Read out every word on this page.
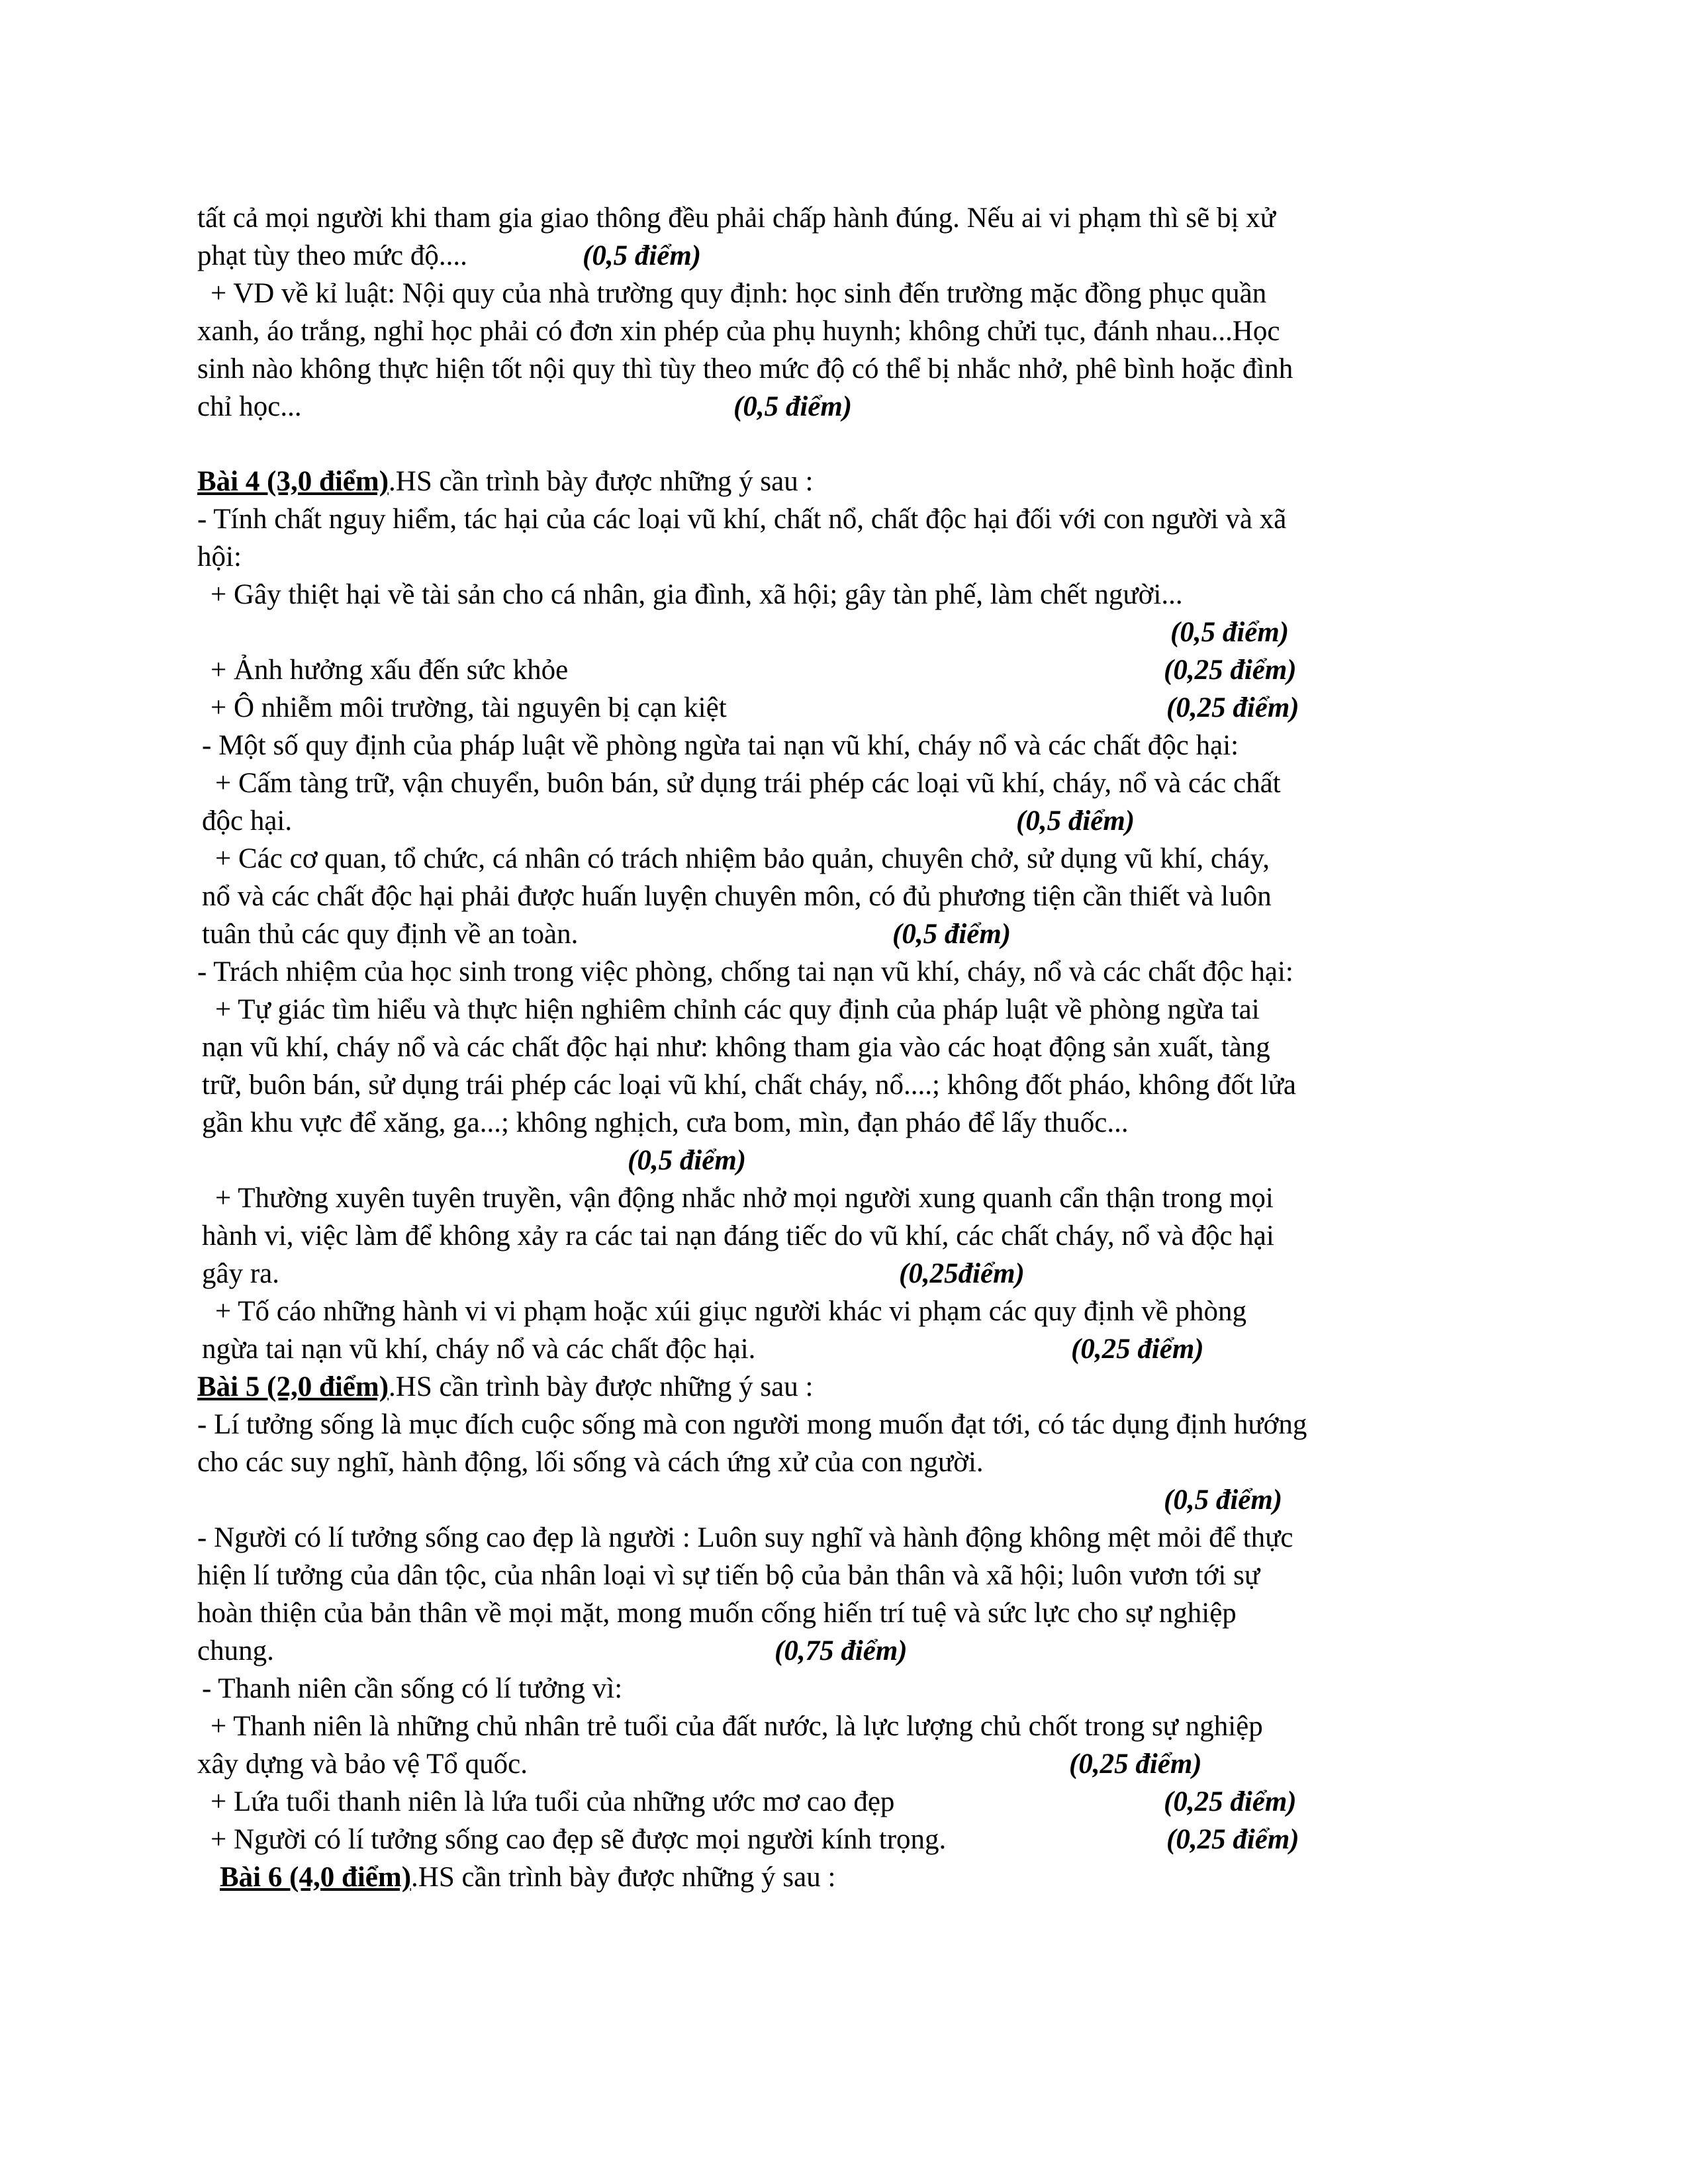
tất cả mọi người khi tham gia giao thông đều phải chấp hành đúng. Nếu ai vi phạm thì sẽ bị xử
phạt tùy theo mức độ....	(0,5 điểm)
+ VD về kỉ luật: Nội quy của nhà trường quy định: học sinh đến trường mặc đồng phục quần
xanh, áo trắng, nghỉ học phải có đơn xin phép của phụ huynh; không chửi tục, đánh nhau...Học
sinh nào không thực hiện tốt nội quy thì tùy theo mức độ có thể bị nhắc nhở, phê bình hoặc đình
chỉ học...	(0,5 điểm)
Bài 4 (3,0 điểm).HS cần trình bày được những ý sau :
- Tính chất nguy hiểm, tác hại của các loại vũ khí, chất nổ, chất độc hại đối với con người và xã
hội:
+ Gây thiệt hại về tài sản cho cá nhân, gia đình, xã hội; gây tàn phế, làm chết người...
(0,5 điểm)
+ Ảnh hưởng xấu đến sức khỏe	(0,25 điểm)
+ Ô nhiễm môi trường, tài nguyên bị cạn kiệt	(0,25 điểm)
- Một số quy định của pháp luật về phòng ngừa tai nạn vũ khí, cháy nổ và các chất độc hại:
+ Cấm tàng trữ, vận chuyển, buôn bán, sử dụng trái phép các loại vũ khí, cháy, nổ và các chất
độc hại.	(0,5 điểm)
+ Các cơ quan, tổ chức, cá nhân có trách nhiệm bảo quản, chuyên chở, sử dụng vũ khí, cháy,
nổ và các chất độc hại phải được huấn luyện chuyên môn, có đủ phương tiện cần thiết và luôn
tuân thủ các quy định về an toàn.	(0,5 điểm)
- Trách nhiệm của học sinh trong việc phòng, chống tai nạn vũ khí, cháy, nổ và các chất độc hại:
+ Tự giác tìm hiểu và thực hiện nghiêm chỉnh các quy định của pháp luật về phòng ngừa tai
nạn vũ khí, cháy nổ và các chất độc hại như: không tham gia vào các hoạt động sản xuất, tàng
trữ, buôn bán, sử dụng trái phép các loại vũ khí, chất cháy, nổ....; không đốt pháo, không đốt lửa
gần khu vực để xăng, ga...; không nghịch, cưa bom, mìn, đạn pháo để lấy thuốc...
(0,5 điểm)
+ Thường xuyên tuyên truyền, vận động nhắc nhở mọi người xung quanh cẩn thận trong mọi
hành vi, việc làm để không xảy ra các tai nạn đáng tiếc do vũ khí, các chất cháy, nổ và độc hại
gây ra.	(0,25điểm)
+ Tố cáo những hành vi vi phạm hoặc xúi giục người khác vi phạm các quy định về phòng
ngừa tai nạn vũ khí, cháy nổ và các chất độc hại.	(0,25 điểm)
Bài 5 (2,0 điểm).HS cần trình bày được những ý sau :
- Lí tưởng sống là mục đích cuộc sống mà con người mong muốn đạt tới, có tác dụng định hướng
cho các suy nghĩ, hành động, lối sống và cách ứng xử của con người.
(0,5 điểm)
- Người có lí tưởng sống cao đẹp là người : Luôn suy nghĩ và hành động không mệt mỏi để thực
hiện lí tưởng của dân tộc, của nhân loại vì sự tiến bộ của bản thân và xã hội; luôn vươn tới sự
hoàn thiện của bản thân về mọi mặt, mong muốn cống hiến trí tuệ và sức lực cho sự nghiệp
chung.	(0,75 điểm)
- Thanh niên cần sống có lí tưởng vì:
+ Thanh niên là những chủ nhân trẻ tuổi của đất nước, là lực lượng chủ chốt trong sự nghiệp
xây dựng và bảo vệ Tổ quốc.	(0,25 điểm)
+ Lứa tuổi thanh niên là lứa tuổi của những ước mơ cao đẹp	(0,25 điểm)
+ Người có lí tưởng sống cao đẹp sẽ được mọi người kính trọng.	(0,25 điểm)
Bài 6 (4,0 điểm).HS cần trình bày được những ý sau :
